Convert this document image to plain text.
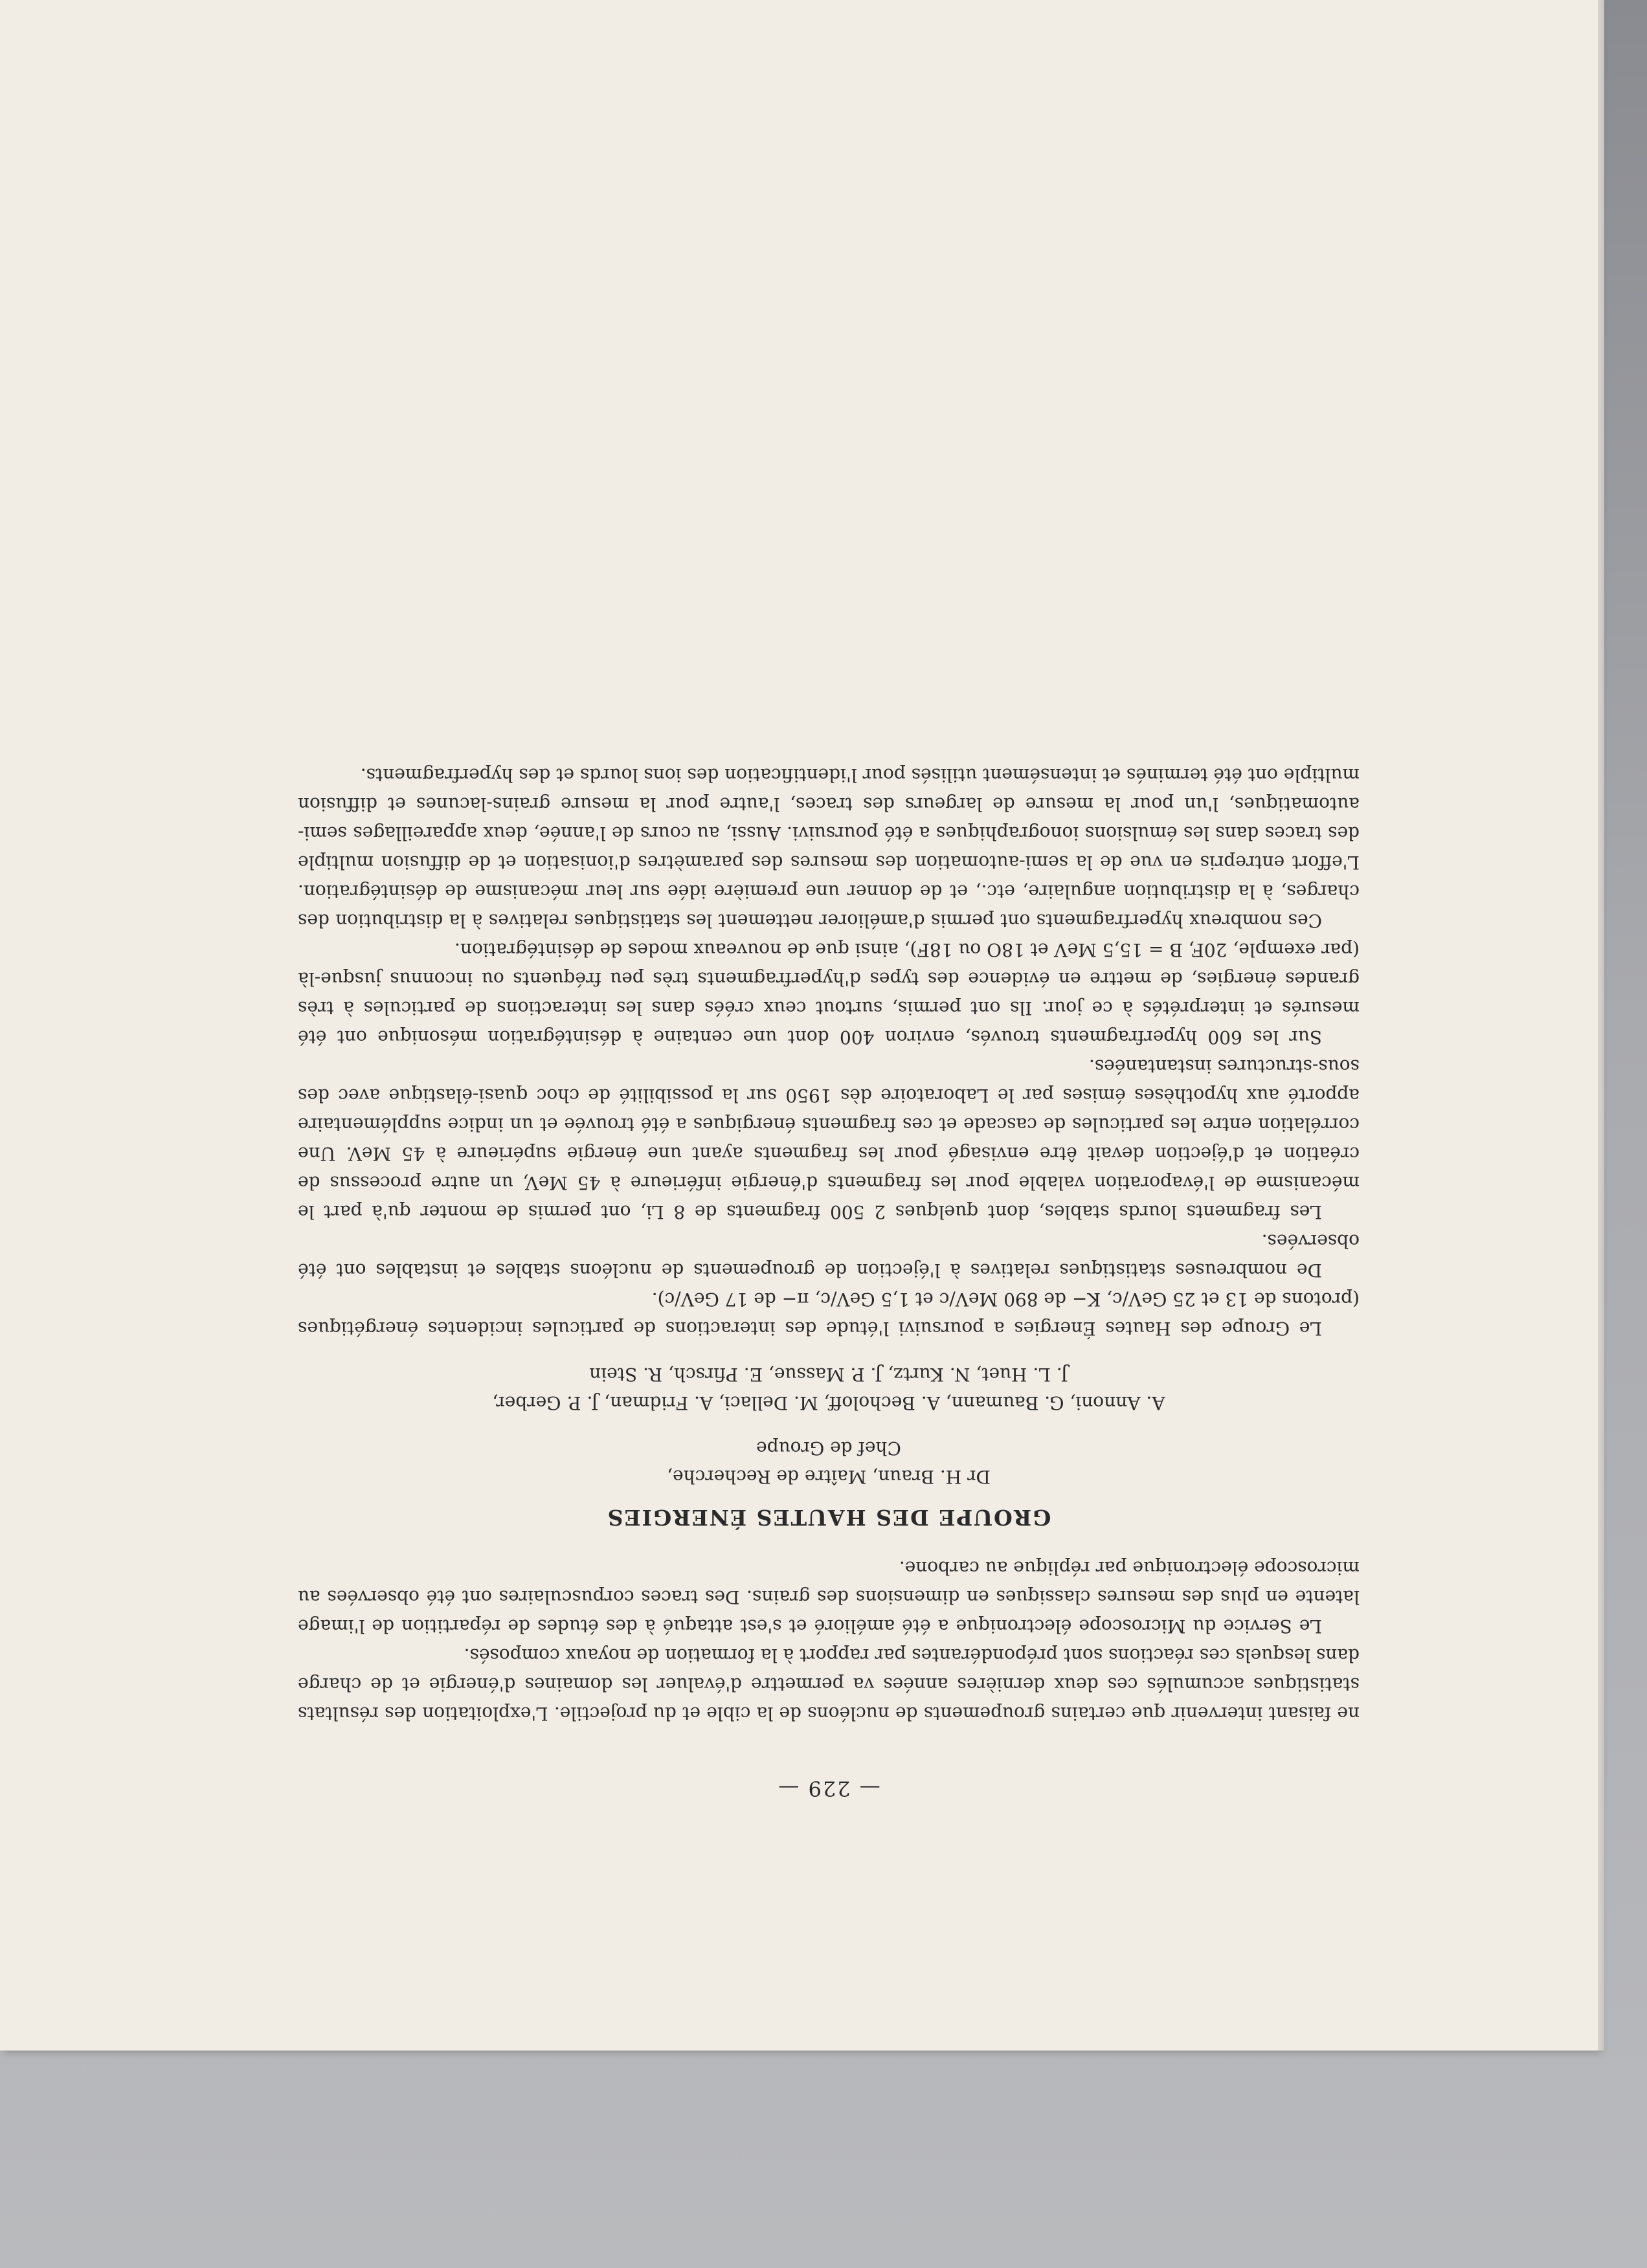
— 229 —

ne faisant intervenir que certains groupements de nucléons de la cible et du projectile. L'exploitation des résultats statistiques accumulés ces deux dernières années va permettre d'évaluer les domaines d'énergie et de charge dans lesquels ces réactions sont prépondérantes par rapport à la formation de noyaux composés.

Le Service du Microscope électronique a été amélioré et s'est attaqué à des études de répartition de l'image latente en plus des mesures classiques en dimensions des grains. Des traces corpusculaires ont été observées au microscope électronique par réplique au carbone.

GROUPE DES HAUTES ÉNERGIES

Dr H. Braun, Maître de Recherche,

Chef de Groupe

A. Annoni, G. Baumann, A. Becholoff, M. Dellaci, A. Fridman, J. P. Gerber,

J. L. Huet, N. Kurtz, J. P. Massue, E. Pfirsch, R. Stein

Le Groupe des Hautes Énergies a poursuivi l'étude des interactions de particules incidentes énergétiques (protons de 13 et 25 GeV/c, K− de 890 MeV/c et 1,5 GeV/c, π− de 17 GeV/c).

De nombreuses statistiques relatives à l'éjection de groupements de nucléons stables et instables ont été observées.

Les fragments lourds stables, dont quelques 2 500 fragments de 8 Li, ont permis de monter qu'à part le mécanisme de l'évaporation valable pour les fragments d'énergie inférieure à 45 MeV, un autre processus de création et d'éjection devait être envisagé pour les fragments ayant une énergie supérieure à 45 MeV. Une corrélation entre les particules de cascade et ces fragments énergiques a été trouvée et un indice supplémentaire apporté aux hypothèses émises par le Laboratoire dès 1950 sur la possibilité de choc quasi-élastique avec des sous-structures instantanées.

Sur les 600 hyperfragments trouvés, environ 400 dont une centaine à désintégration mésonique ont été mesurés et interprétés à ce jour. Ils ont permis, surtout ceux créés dans les interactions de particules à très grandes énergies, de mettre en évidence des types d'hyperfragments très peu fréquents ou inconnus jusque-là (par exemple, 20F, B = 15,5 MeV et 18O ou 18F), ainsi que de nouveaux modes de désintégration.

Ces nombreux hyperfragments ont permis d'améliorer nettement les statistiques relatives à la distribution des charges, à la distribution angulaire, etc., et de donner une première idée sur leur mécanisme de désintégration. L'effort entrepris en vue de la semi-automation des mesures des paramètres d'ionisation et de diffusion multiple des traces dans les émulsions ionographiques a été poursuivi. Aussi, au cours de l'année, deux appareillages semi-automatiques, l'un pour la mesure de largeurs des traces, l'autre pour la mesure grains-lacunes et diffusion multiple ont été terminés et intensément utilisés pour l'identification des ions lourds et des hyperfragments.
